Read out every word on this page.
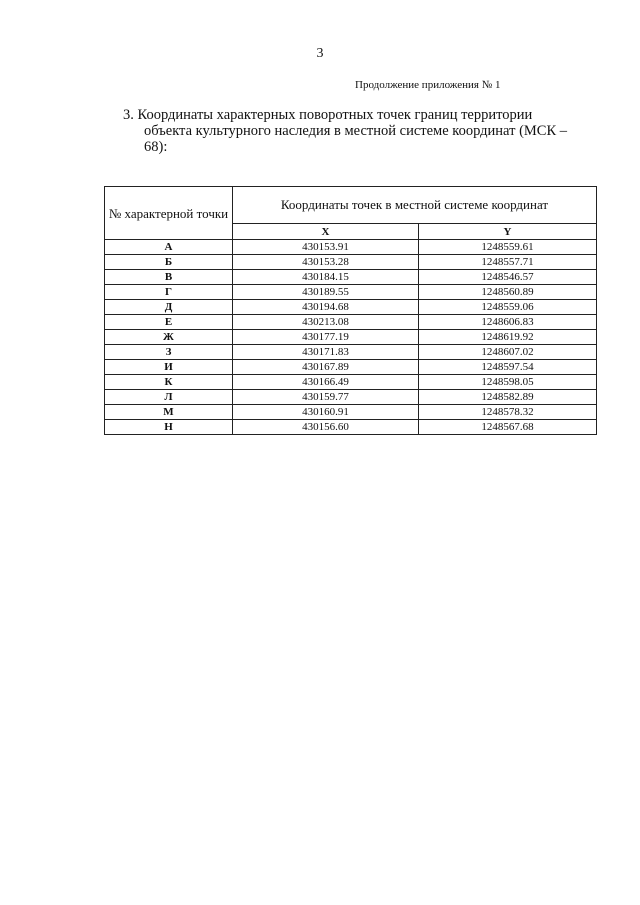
3
Продолжение приложения № 1
3. Координаты характерных поворотных точек границ территории
объекта культурного наследия в местной системе координат (МСК –
68):
№ характерной точки	Координаты точек в местной системе координат	
	X	Y
А	430153.91	1248559.61
Б	430153.28	1248557.71
В	430184.15	1248546.57
Г	430189.55	1248560.89
Д	430194.68	1248559.06
Е	430213.08	1248606.83
Ж	430177.19	1248619.92
З	430171.83	1248607.02
И	430167.89	1248597.54
К	430166.49	1248598.05
Л	430159.77	1248582.89
М	430160.91	1248578.32
Н	430156.60	1248567.68
